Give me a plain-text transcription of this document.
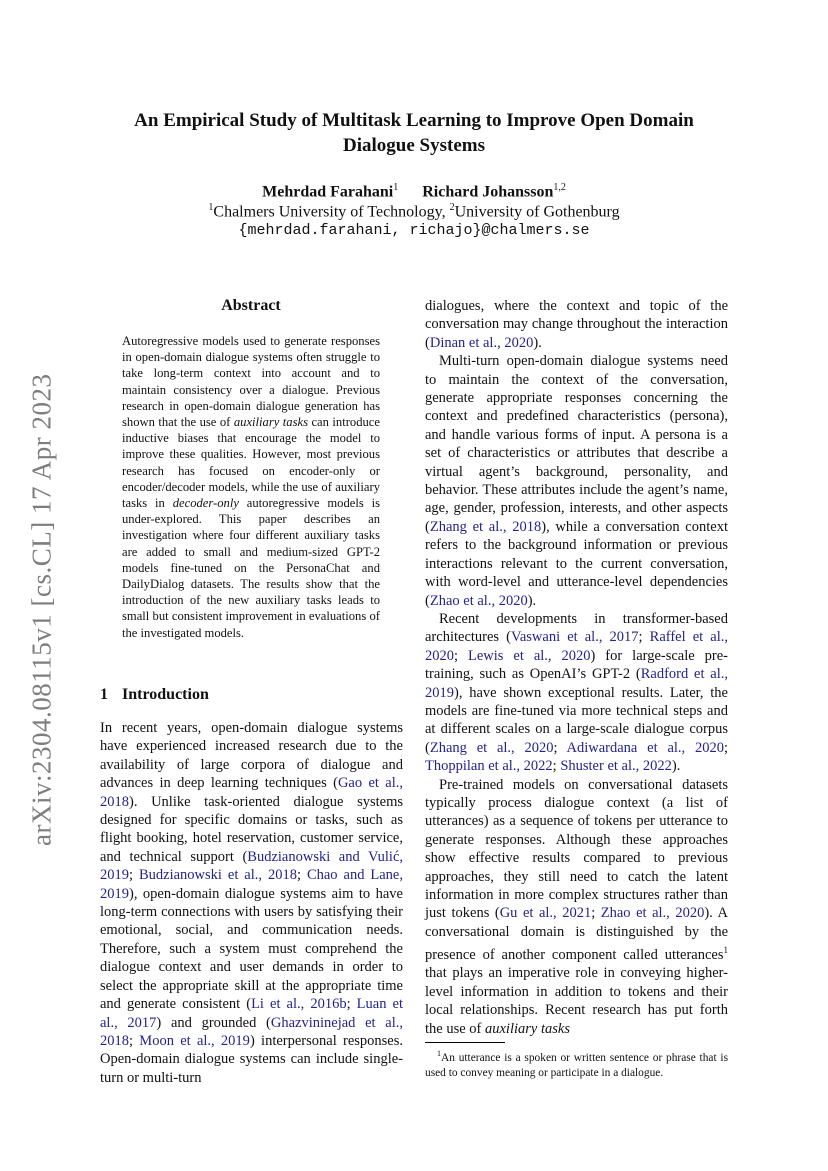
arXiv:2304.08115v1 [cs.CL] 17 Apr 2023
An Empirical Study of Multitask Learning to Improve Open Domain Dialogue Systems
Mehrdad Farahani$^1$ Richard Johansson$^{1,2}$
$^1$Chalmers University of Technology, $^2$University of Gothenburg
{mehrdad.farahani, richajo}@chalmers.se
Abstract
Autoregressive models used to generate responses in open-domain dialogue systems often struggle to take long-term context into account and to maintain consistency over a dialogue. Previous research in open-domain dialogue generation has shown that the use of auxiliary tasks can introduce inductive biases that encourage the model to improve these qualities. However, most previous research has focused on encoder-only or encoder/decoder models, while the use of auxiliary tasks in decoder-only autoregressive models is under-explored. This paper describes an investigation where four different auxiliary tasks are added to small and medium-sized GPT-2 models fine-tuned on the PersonaChat and DailyDialog datasets. The results show that the introduction of the new auxiliary tasks leads to small but consistent improvement in evaluations of the investigated models.
1 Introduction

In recent years, open-domain dialogue systems have experienced increased research due to the availability of large corpora of dialogue and advances in deep learning techniques (Gao et al., 2018). Unlike task-oriented dialogue systems designed for specific domains or tasks, such as flight booking, hotel reservation, customer service, and technical support (Budzianowski and Vulić, 2019; Budzianowski et al., 2018; Chao and Lane, 2019), open-domain dialogue systems aim to have long-term connections with users by satisfying their emotional, social, and communication needs. Therefore, such a system must comprehend the dialogue context and user demands in order to select the appropriate skill at the appropriate time and generate consistent (Li et al., 2016b; Luan et al., 2017) and grounded (Ghazvininejad et al., 2018; Moon et al., 2019) interpersonal responses. Open-domain dialogue systems can include single-turn or multi-turn

dialogues, where the context and topic of the conversation may change throughout the interaction (Dinan et al., 2020).

Multi-turn open-domain dialogue systems need to maintain the context of the conversation, generate appropriate responses concerning the context and predefined characteristics (persona), and handle various forms of input. A persona is a set of characteristics or attributes that describe a virtual agent’s background, personality, and behavior. These attributes include the agent’s name, age, gender, profession, interests, and other aspects (Zhang et al., 2018), while a conversation context refers to the background information or previous interactions relevant to the current conversation, with word-level and utterance-level dependencies (Zhao et al., 2020).

Recent developments in transformer-based architectures (Vaswani et al., 2017; Raffel et al., 2020; Lewis et al., 2020) for large-scale pre-training, such as OpenAI’s GPT-2 (Radford et al., 2019), have shown exceptional results. Later, the models are fine-tuned via more technical steps and at different scales on a large-scale dialogue corpus (Zhang et al., 2020; Adiwardana et al., 2020; Thoppilan et al., 2022; Shuster et al., 2022).

Pre-trained models on conversational datasets typically process dialogue context (a list of utterances) as a sequence of tokens per utterance to generate responses. Although these approaches show effective results compared to previous approaches, they still need to catch the latent information in more complex structures rather than just tokens (Gu et al., 2021; Zhao et al., 2020). A conversational domain is distinguished by the presence of another component called utterances$^1$ that plays an imperative role in conveying higher-level information in addition to tokens and their local relationships. Recent research has put forth the use of auxiliary tasks

$^1$An utterance is a spoken or written sentence or phrase that is used to convey meaning or participate in a dialogue.
